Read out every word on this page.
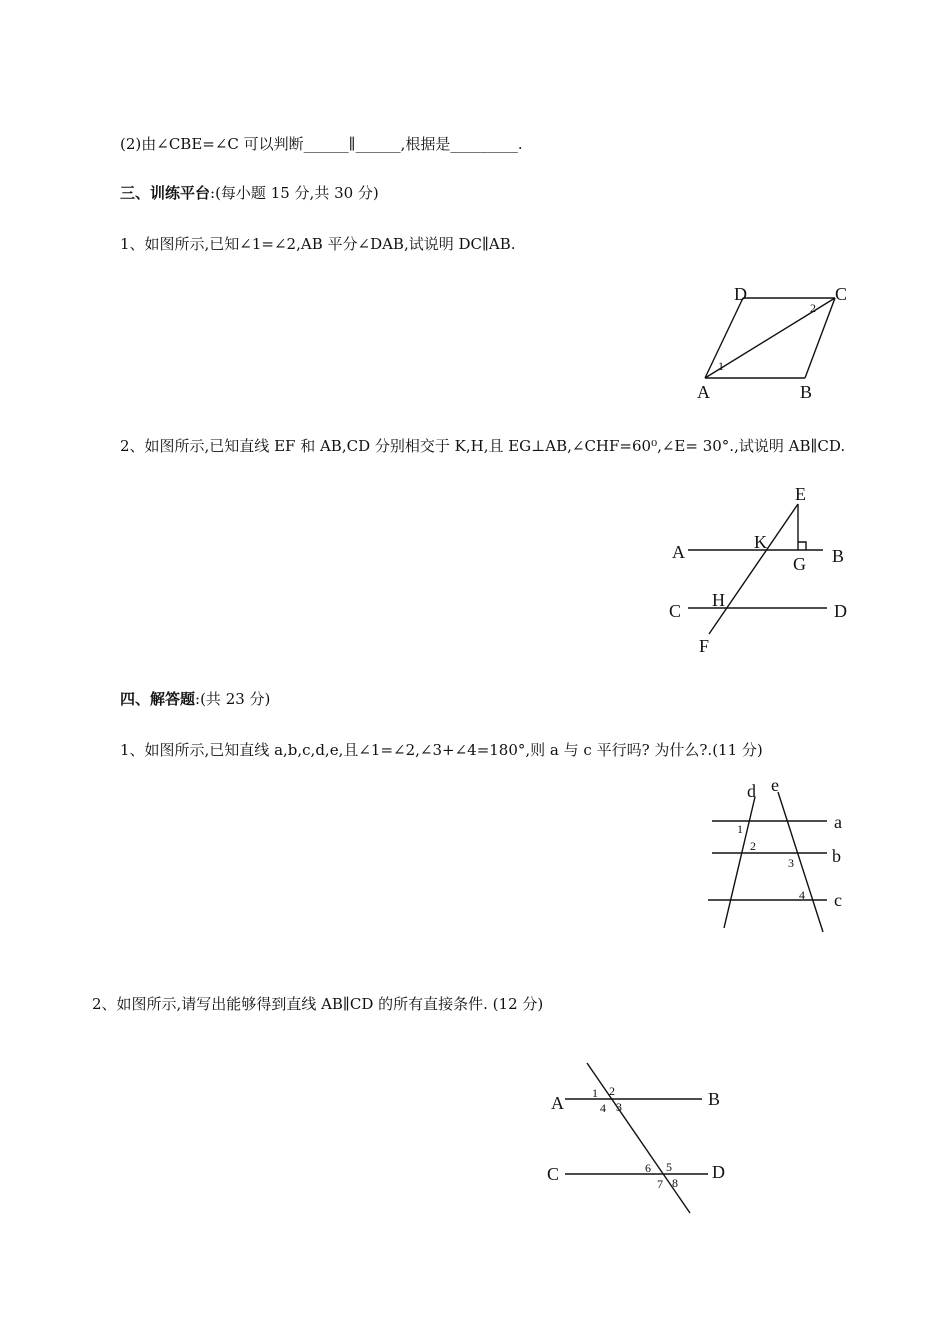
(2)由∠CBE=∠C 可以判断______∥______,根据是_________.
三、训练平台:(每小题 15 分,共 30 分)
1、如图所示,已知∠1=∠2,AB 平分∠DAB,试说明 DC∥AB.
2、如图所示,已知直线 EF 和 AB,CD 分别相交于 K,H,且 EG⊥AB,∠CHF=60⁰,∠E= 30°.,试说明 AB∥CD.
四、解答题:(共 23 分)
1、如图所示,已知直线 a,b,c,d,e,且∠1=∠2,∠3+∠4=180°,则 a 与 c 平行吗? 为什么?.(11 分)
2、如图所示,请写出能够得到直线 AB∥CD 的所有直接条件. (12 分)
D	C
A	B
1
2
E
A	K
G B
C
H
D
F
d e
a
b
c
1
2
3
4
A	B
C	D
1 2
3
4
5
6
7 8
